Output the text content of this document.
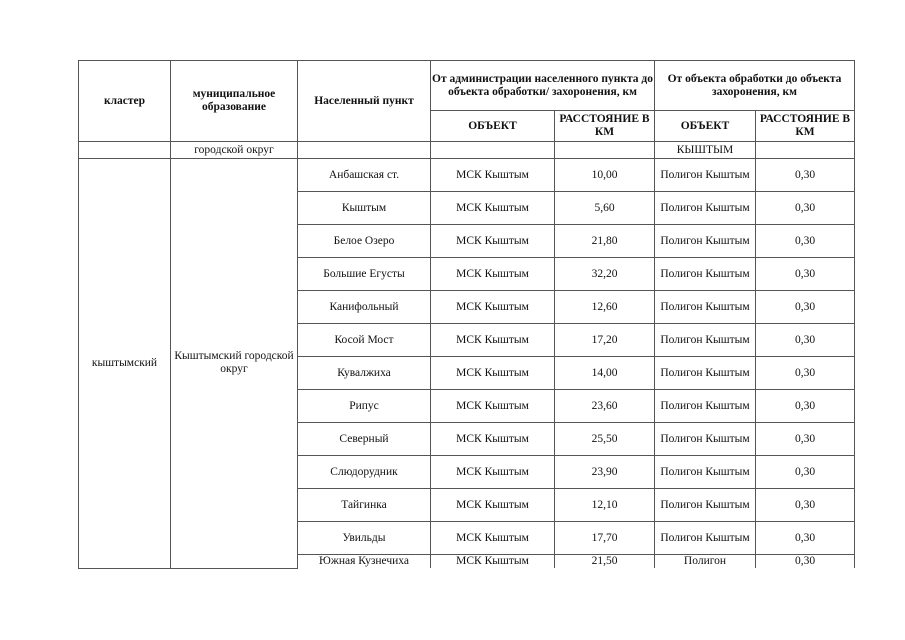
кластер	муниципальное образование	Населенный пункт	От администрации населенного пункта до объекта обработки/ захоронения, км		От объекта обработки до объекта захоронения, км	
			ОБЪЕКТ	РАССТОЯНИЕ В КМ	ОБЪЕКТ	РАССТОЯНИЕ В КМ
	городской округ				КЫШТЫМ	
кыштымский	Кыштымский городской округ	Анбашская ст.	МСК Кыштым	10,00	Полигон Кыштым	0,30
		Кыштым	МСК Кыштым	5,60	Полигон Кыштым	0,30
		Белое Озеро	МСК Кыштым	21,80	Полигон Кыштым	0,30
		Большие Егусты	МСК Кыштым	32,20	Полигон Кыштым	0,30
		Канифольный	МСК Кыштым	12,60	Полигон Кыштым	0,30
		Косой Мост	МСК Кыштым	17,20	Полигон Кыштым	0,30
		Кувалжиха	МСК Кыштым	14,00	Полигон Кыштым	0,30
		Рипус	МСК Кыштым	23,60	Полигон Кыштым	0,30
		Северный	МСК Кыштым	25,50	Полигон Кыштым	0,30
		Слюдорудник	МСК Кыштым	23,90	Полигон Кыштым	0,30
		Тайгинка	МСК Кыштым	12,10	Полигон Кыштым	0,30
		Увильды	МСК Кыштым	17,70	Полигон Кыштым	0,30
		Южная Кузнечиха	МСК Кыштым	21,50	Полигон	0,30
